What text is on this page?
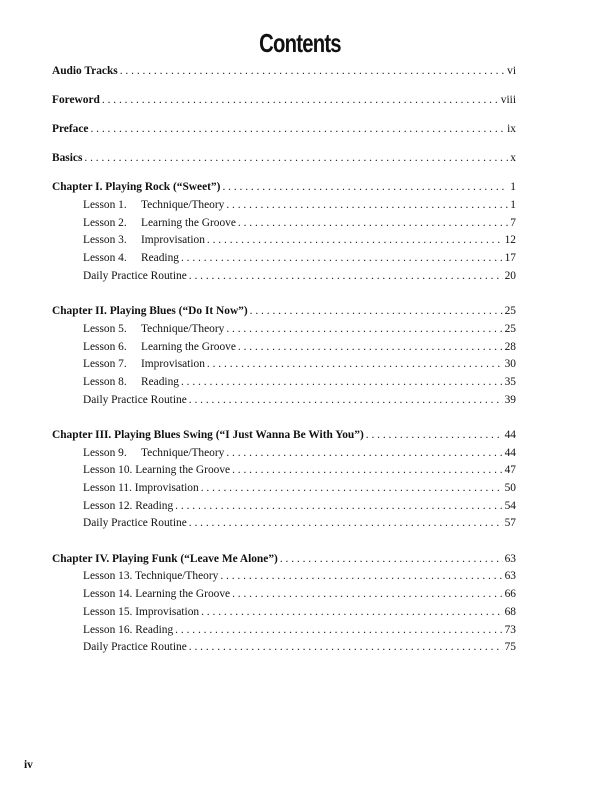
Contents
Audio Tracks . . .	vi
Foreword . . .	viii
Preface . . .	ix
Basics . . .	x
Chapter I. Playing Rock (“Sweet”) . . .	1
Lesson 1. Technique/Theory . . .	1
Lesson 2. Learning the Groove . . .	7
Lesson 3. Improvisation . . .	12
Lesson 4. Reading . . .	17
Daily Practice Routine . . .	20
Chapter II. Playing Blues (“Do It Now”) . . .	25
Lesson 5. Technique/Theory . . .	25
Lesson 6. Learning the Groove . . .	28
Lesson 7. Improvisation . . .	30
Lesson 8. Reading . . .	35
Daily Practice Routine . . .	39
Chapter III. Playing Blues Swing (“I Just Wanna Be With You”) . . .	44
Lesson 9. Technique/Theory . . .	44
Lesson 10. Learning the Groove . . .	47
Lesson 11. Improvisation . . .	50
Lesson 12. Reading . . .	54
Daily Practice Routine . . .	57
Chapter IV. Playing Funk (“Leave Me Alone”) . . .	63
Lesson 13. Technique/Theory . . .	63
Lesson 14. Learning the Groove . . .	66
Lesson 15. Improvisation . . .	68
Lesson 16. Reading . . .	73
Daily Practice Routine . . .	75
iv
